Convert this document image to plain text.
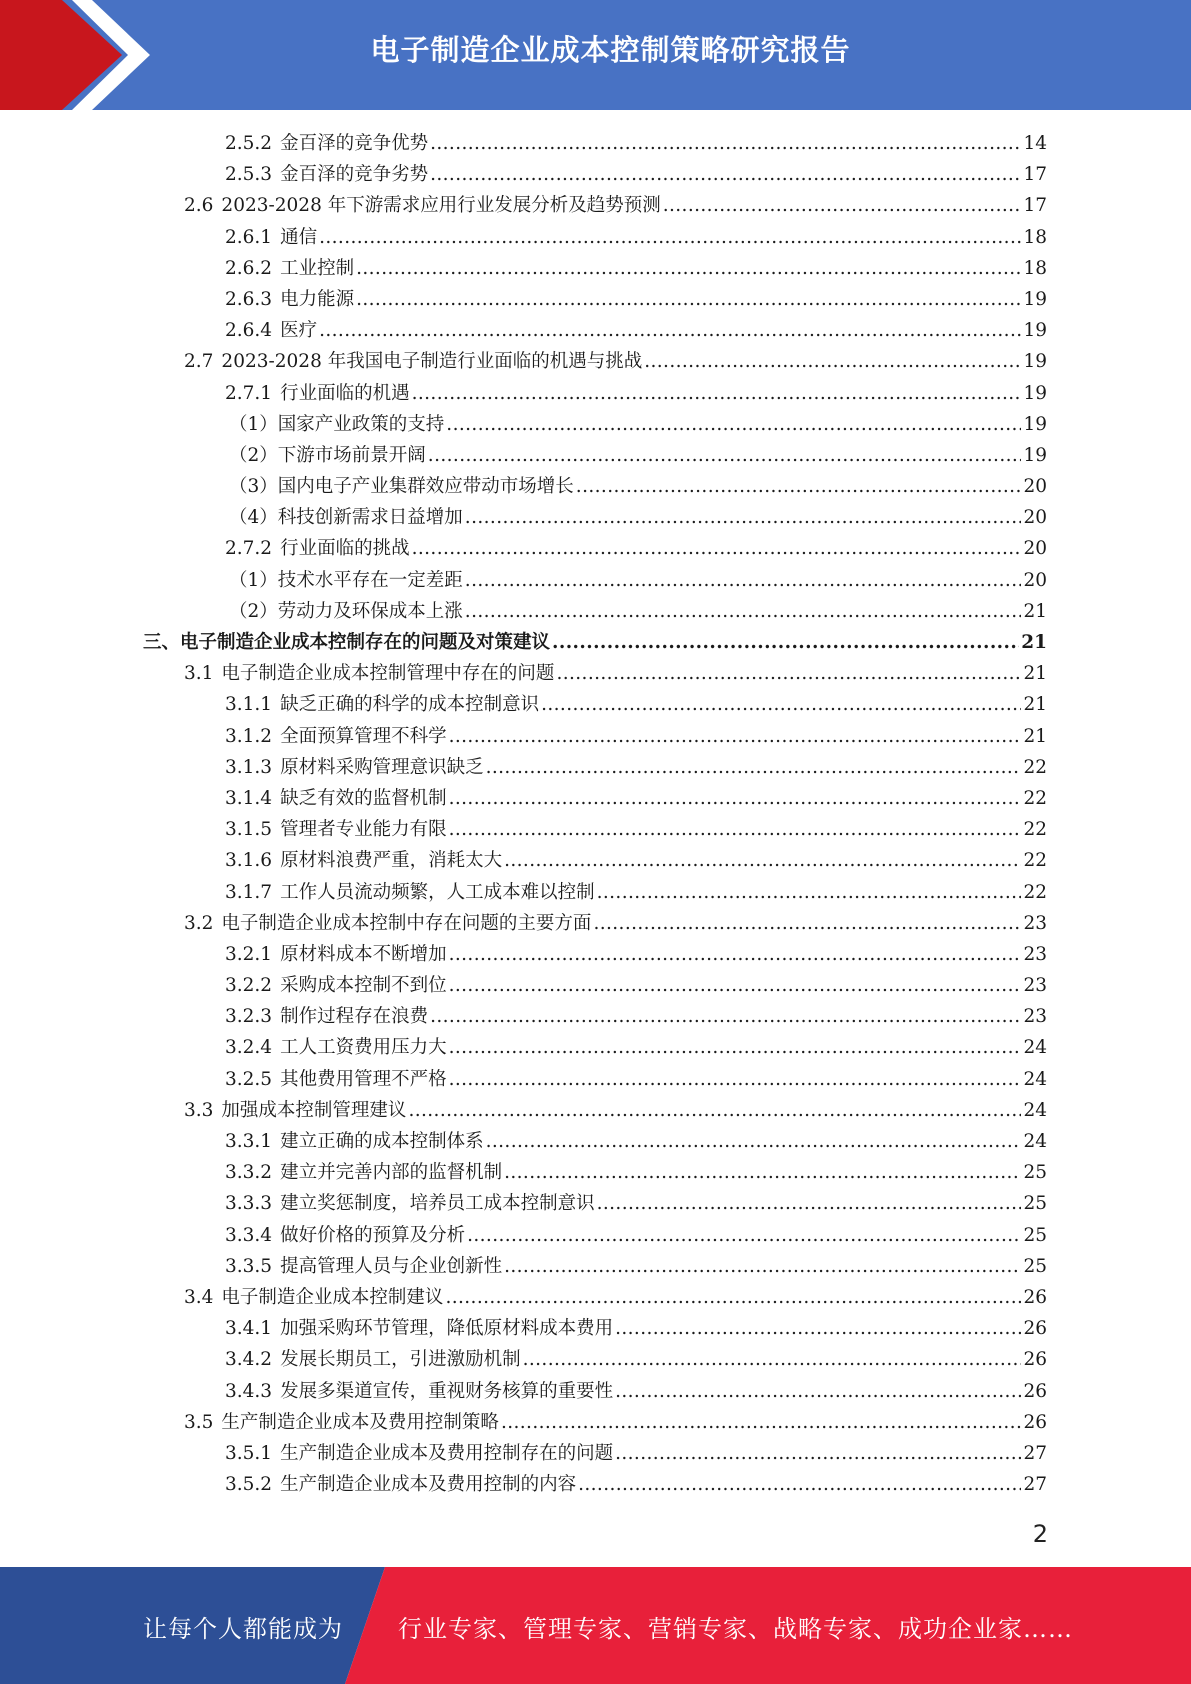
电子制造企业成本控制策略研究报告
2.5.2 金百泽的竞争优势 .....	14
2.5.3 金百泽的竞争劣势 .....	17
2.6 2023-2028 年下游需求应用行业发展分析及趋势预测 .....	17
2.6.1 通信 .....	18
2.6.2 工业控制 .....	18
2.6.3 电力能源 .....	19
2.6.4 医疗 .....	19
2.7 2023-2028 年我国电子制造行业面临的机遇与挑战 .....	19
2.7.1 行业面临的机遇 .....	19
（1） 国家产业政策的支持 .....	19
（2） 下游市场前景开阔 .....	19
（3） 国内电子产业集群效应带动市场增长 .....	20
（4） 科技创新需求日益增加 .....	20
2.7.2 行业面临的挑战 .....	20
（1） 技术水平存在一定差距 .....	20
（2） 劳动力及环保成本上涨 .....	21
三、 电子制造企业成本控制存在的问题及对策建议 .....	21
3.1 电子制造企业成本控制管理中存在的问题 .....	21
3.1.1 缺乏正确的科学的成本控制意识 .....	21
3.1.2 全面预算管理不科学 .....	21
3.1.3 原材料采购管理意识缺乏 .....	22
3.1.4 缺乏有效的监督机制 .....	22
3.1.5 管理者专业能力有限 .....	22
3.1.6 原材料浪费严重，消耗太大 .....	22
3.1.7 工作人员流动频繁，人工成本难以控制 .....	22
3.2 电子制造企业成本控制中存在问题的主要方面 .....	23
3.2.1 原材料成本不断增加 .....	23
3.2.2 采购成本控制不到位 .....	23
3.2.3 制作过程存在浪费 .....	23
3.2.4 工人工资费用压力大 .....	24
3.2.5 其他费用管理不严格 .....	24
3.3 加强成本控制管理建议 .....	24
3.3.1 建立正确的成本控制体系 .....	24
3.3.2 建立并完善内部的监督机制 .....	25
3.3.3 建立奖惩制度，培养员工成本控制意识 .....	25
3.3.4 做好价格的预算及分析 .....	25
3.3.5 提高管理人员与企业创新性 .....	25
3.4 电子制造企业成本控制建议 .....	26
3.4.1 加强采购环节管理，降低原材料成本费用 .....	26
3.4.2 发展长期员工，引进激励机制 .....	26
3.4.3 发展多渠道宣传，重视财务核算的重要性 .....	26
3.5 生产制造企业成本及费用控制策略 .....	26
3.5.1 生产制造企业成本及费用控制存在的问题 .....	27
3.5.2 生产制造企业成本及费用控制的内容 .....	27
2
让每个人都能成为 行业专家、管理专家、营销专家、战略专家、成功企业家……
